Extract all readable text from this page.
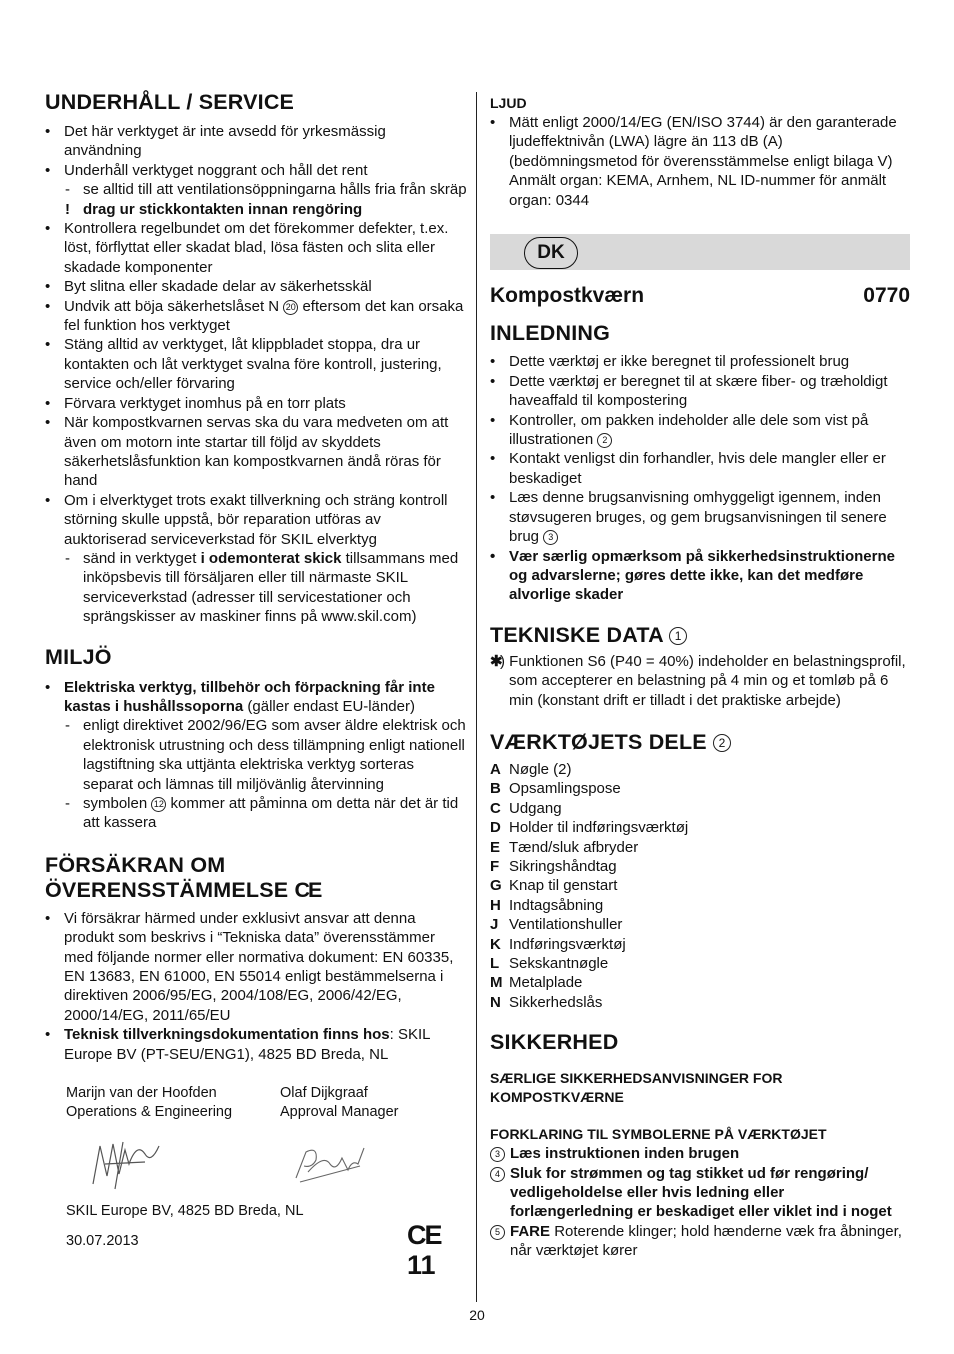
UNDERHÅLL / SERVICE
• Det här verktyget är inte avsedd för yrkesmässig användning
• Underhåll verktyget noggrant och håll det rent
- se alltid till att ventilationsöppningarna hålls fria från skräp
! drag ur stickkontakten innan rengöring
• Kontrollera regelbundet om det förekommer defekter, t.ex. löst, förflyttat eller skadat blad, lösa fästen och slita eller skadade komponenter
• Byt slitna eller skadade delar av säkerhetsskäl
• Undvik att böja säkerhetslåset N 20 eftersom det kan orsaka fel funktion hos verktyget
• Stäng alltid av verktyget, låt klippbladet stoppa, dra ur kontakten och låt verktyget svalna före kontroll, justering, service och/eller förvaring
• Förvara verktyget inomhus på en torr plats
• När kompostkvarnen servas ska du vara medveten om att även om motorn inte startar till följd av skyddets säkerhetslåsfunktion kan kompostkvarnen ändå röras för hand
• Om i elverktyget trots exakt tillverkning och sträng kontroll störning skulle uppstå, bör reparation utföras av auktoriserad serviceverkstad för SKIL elverktyg
- sänd in verktyget i odemonterat skick tillsammans med inköpsbevis till försäljaren eller till närmaste SKIL serviceverkstad (adresser till servicestationer och sprängskisser av maskiner finns på www.skil.com)
MILJÖ
• Elektriska verktyg, tillbehör och förpackning får inte kastas i hushållssoporna (gäller endast EU-länder)
- enligt direktivet 2002/96/EG som avser äldre elektrisk och elektronisk utrustning och dess tillämpning enligt nationell lagstiftning ska uttjänta elektriska verktyg sorteras separat och lämnas till miljövänlig återvinning
- symbolen 12 kommer att påminna om detta när det är tid att kassera
FÖRSÄKRAN OM
ÖVERENSSTÄMMELSE CE
• Vi försäkrar härmed under exklusivt ansvar att denna produkt som beskrivs i “Tekniska data” överensstämmer med följande normer eller normativa dokument: EN 60335, EN 13683, EN 61000, EN 55014 enligt bestämmelserna i direktiven 2006/95/EG, 2004/108/EG, 2006/42/EG, 2000/14/EG, 2011/65/EU
• Teknisk tillverkningsdokumentation finns hos: SKIL Europe BV (PT-SEU/ENG1), 4825 BD Breda, NL
Marijn van der Hoofden
Operations & Engineering
Olaf Dijkgraaf
Approval Manager
SKIL Europe BV, 4825 BD Breda, NL
30.07.2013	CE11
LJUD
• Mätt enligt 2000/14/EG (EN/ISO 3744) är den garanterade ljudeffektnivån (LWA) lägre än 113 dB (A) (bedömningsmetod för överensstämmelse enligt bilaga V) Anmält organ: KEMA, Arnhem, NL ID-nummer för anmält organ: 0344
DK
Kompostkværn	0770
INLEDNING
• Dette værktøj er ikke beregnet til professionelt brug
• Dette værktøj er beregnet til at skære fiber- og træholdigt haveaffald til kompostering
• Kontroller, om pakken indeholder alle dele som vist på illustrationen 2
• Kontakt venligst din forhandler, hvis dele mangler eller er beskadiget
• Læs denne brugsanvisning omhyggeligt igennem, inden støvsugeren bruges, og gem brugsanvisningen til senere brug 3
• Vær særlig opmærksom på sikkerhedsinstruktionerne og advarslerne; gøres dette ikke, kan det medføre alvorlige skader
TEKNISKE DATA 1
✱
) Funktionen S6 (P40 = 40%) indeholder en belastningsprofil, som accepterer en belastning på 4 min og et tomløb på 6 min (konstant drift er tilladt i det praktiske arbejde)
VÆRKTØJETS DELE 2
A Nøgle (2)
B Opsamlingspose
C Udgang
D Holder til indføringsværktøj
E Tænd/sluk afbryder
F Sikringshåndtag
G Knap til genstart
H Indtagsåbning
J Ventilationshuller
K Indføringsværktøj
L Sekskantnøgle
M Metalplade
N Sikkerhedslås
SIKKERHED
SÆRLIGE SIKKERHEDSANVISNINGER FOR KOMPOSTKVÆRNE
FORKLARING TIL SYMBOLERNE PÅ VÆRKTØJET
3 Læs instruktionen inden brugen
4 Sluk for strømmen og tag stikket ud før rengøring/ vedligeholdelse eller hvis ledning eller forlængerledning er beskadiget eller viklet ind i noget
5 FARE Roterende klinger; hold hænderne væk fra åbninger, når værktøjet kører
20
